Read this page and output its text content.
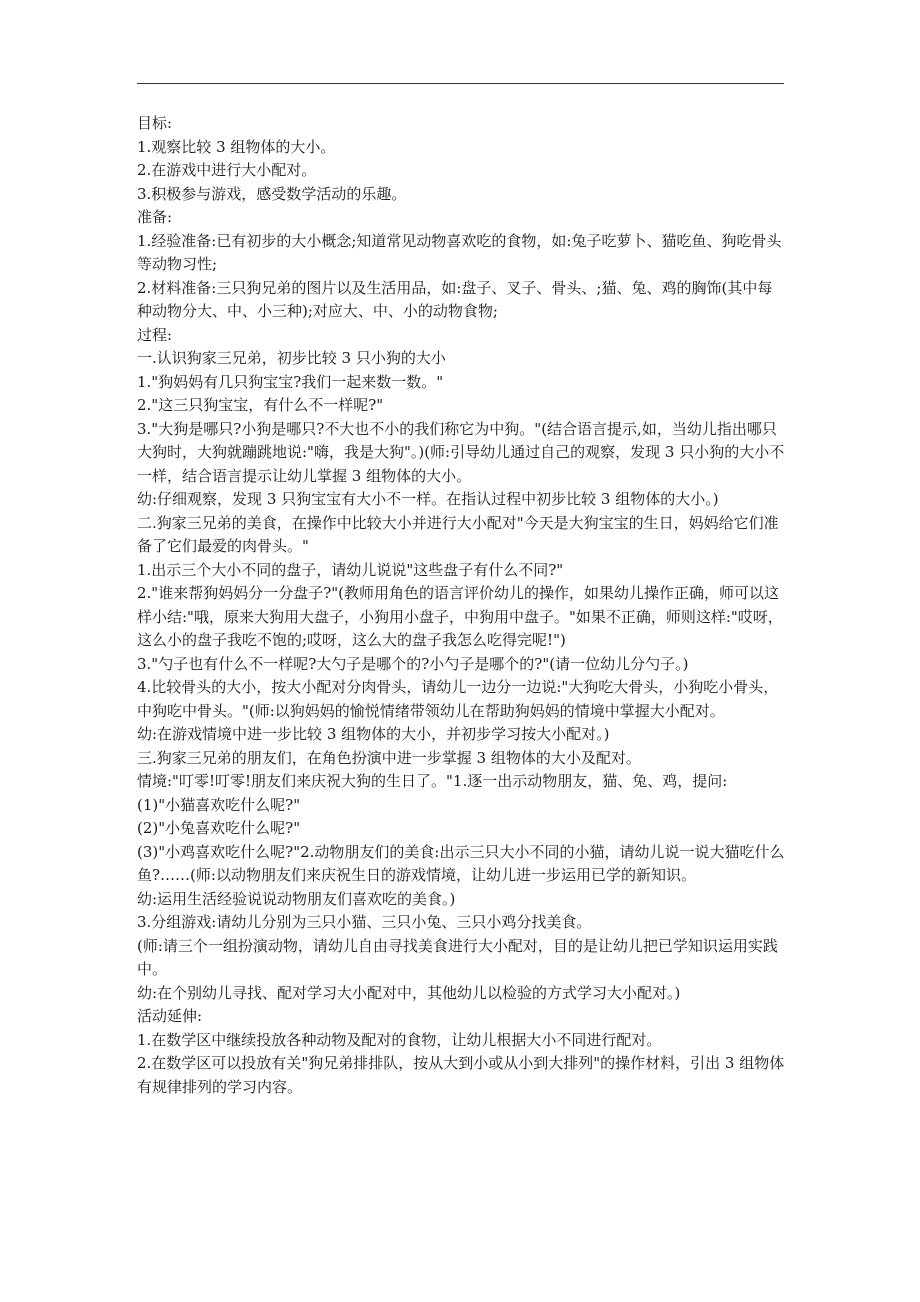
目标:

1.观察比较 3 组物体的大小。

2.在游戏中进行大小配对。

3.积极参与游戏，感受数学活动的乐趣。

准备:

1.经验准备:已有初步的大小概念;知道常见动物喜欢吃的食物，如:兔子吃萝卜、猫吃鱼、狗吃骨头等动物习性;

2.材料准备:三只狗兄弟的图片以及生活用品，如:盘子、叉子、骨头、;猫、兔、鸡的胸饰(其中每种动物分大、中、小三种);对应大、中、小的动物食物;

过程:

一.认识狗家三兄弟，初步比较 3 只小狗的大小

1."狗妈妈有几只狗宝宝?我们一起来数一数。"

2."这三只狗宝宝，有什么不一样呢?"

3."大狗是哪只?小狗是哪只?不大也不小的我们称它为中狗。"(结合语言提示,如，当幼儿指出哪只大狗时，大狗就蹦跳地说:"嗨，我是大狗"。)(师:引导幼儿通过自己的观察，发现 3 只小狗的大小不一样，结合语言提示让幼儿掌握 3 组物体的大小。

幼:仔细观察，发现 3 只狗宝宝有大小不一样。在指认过程中初步比较 3 组物体的大小。)

二.狗家三兄弟的美食，在操作中比较大小并进行大小配对"今天是大狗宝宝的生日，妈妈给它们准备了它们最爱的肉骨头。"

1.出示三个大小不同的盘子，请幼儿说说"这些盘子有什么不同?"

2."谁来帮狗妈妈分一分盘子?"(教师用角色的语言评价幼儿的操作，如果幼儿操作正确，师可以这样小结:"哦，原来大狗用大盘子，小狗用小盘子，中狗用中盘子。"如果不正确，师则这样:"哎呀，这么小的盘子我吃不饱的;哎呀，这么大的盘子我怎么吃得完呢!")

3."勺子也有什么不一样呢?大勺子是哪个的?小勺子是哪个的?"(请一位幼儿分勺子。)

4.比较骨头的大小，按大小配对分肉骨头，请幼儿一边分一边说:"大狗吃大骨头，小狗吃小骨头，中狗吃中骨头。"(师:以狗妈妈的愉悦情绪带领幼儿在帮助狗妈妈的情境中掌握大小配对。

幼:在游戏情境中进一步比较 3 组物体的大小，并初步学习按大小配对。)

三.狗家三兄弟的朋友们，在角色扮演中进一步掌握 3 组物体的大小及配对。

情境:"叮零!叮零!朋友们来庆祝大狗的生日了。"1.逐一出示动物朋友，猫、兔、鸡，提问:

(1)"小猫喜欢吃什么呢?"

(2)"小兔喜欢吃什么呢?"

(3)"小鸡喜欢吃什么呢?"2.动物朋友们的美食:出示三只大小不同的小猫，请幼儿说一说大猫吃什么鱼?……(师:以动物朋友们来庆祝生日的游戏情境，让幼儿进一步运用已学的新知识。

幼:运用生活经验说说动物朋友们喜欢吃的美食。)

3.分组游戏:请幼儿分别为三只小猫、三只小兔、三只小鸡分找美食。

(师:请三个一组扮演动物，请幼儿自由寻找美食进行大小配对，目的是让幼儿把已学知识运用实践中。

幼:在个别幼儿寻找、配对学习大小配对中，其他幼儿以检验的方式学习大小配对。)

活动延伸:

1.在数学区中继续投放各种动物及配对的食物，让幼儿根据大小不同进行配对。

2.在数学区可以投放有关"狗兄弟排排队，按从大到小或从小到大排列"的操作材料，引出 3 组物体有规律排列的学习内容。
